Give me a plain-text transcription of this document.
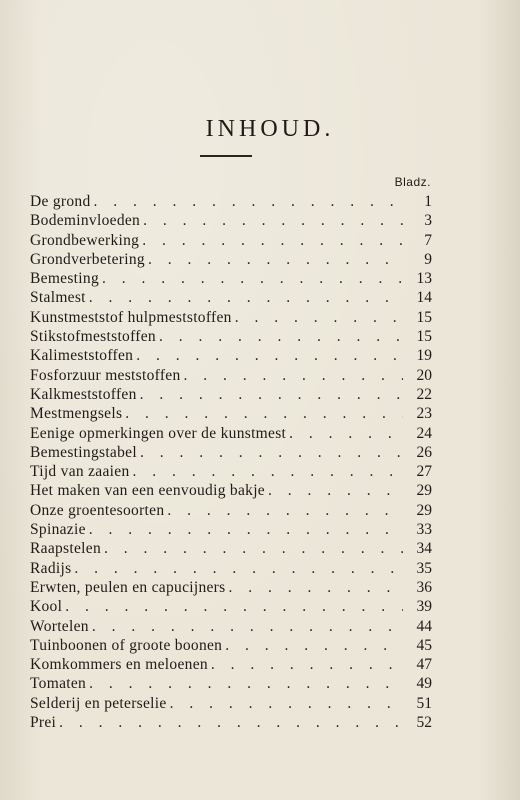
INHOUD.
Bladz.
De grond . . .	1
Bodeminvloeden . . .	3
Grondbewerking . . .	7
Grondverbetering . . .	9
Bemesting . . .	13
Stalmest . . .	14
Kunstmeststof hulpmeststoffen . . .	15
Stikstofmeststoffen . . .	15
Kalimeststoffen . . .	19
Fosforzuur meststoffen . . .	20
Kalkmeststoffen . . .	22
Mestmengsels . . .	23
Eenige opmerkingen over de kunstmest . . .	24
Bemestingstabel . . .	26
Tijd van zaaien . . .	27
Het maken van een eenvoudig bakje . . .	29
Onze groentesoorten . . .	29
Spinazie . . .	33
Raapstelen . . .	34
Radijs . . .	35
Erwten, peulen en capucijners . . .	36
Kool . . .	39
Wortelen . . .	44
Tuinboonen of groote boonen . . .	45
Komkommers en meloenen . . .	47
Tomaten . . .	49
Selderij en peterselie . . .	51
Prei . . .	52
